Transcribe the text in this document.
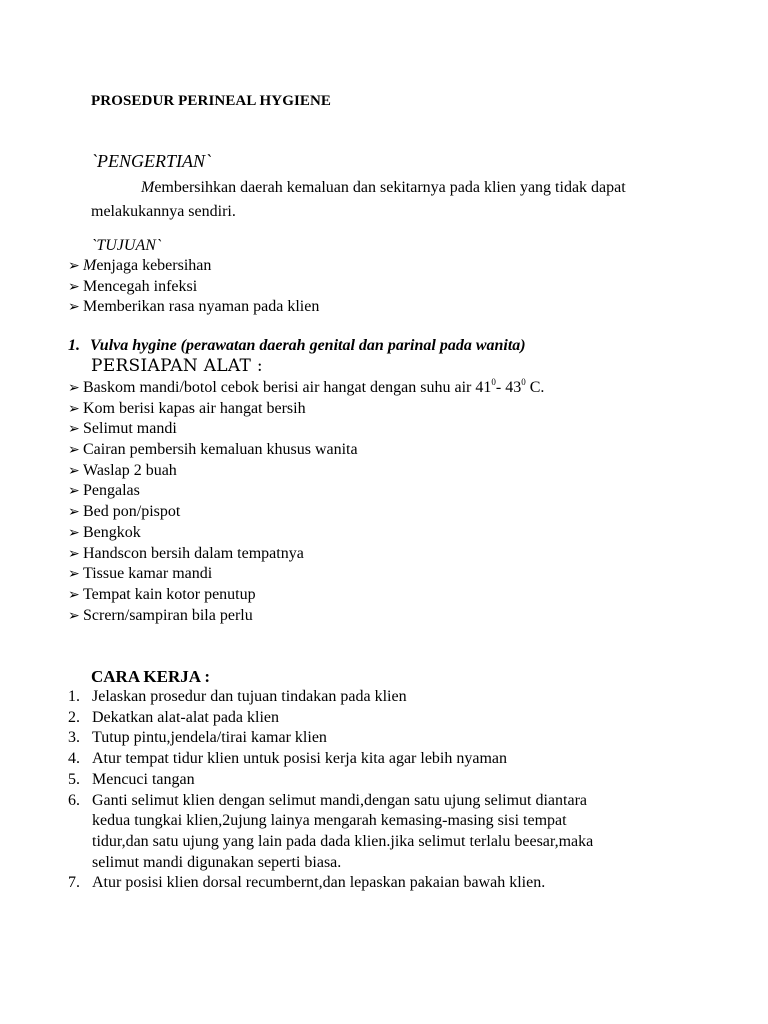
PROSEDUR PERINEAL HYGIENE
`PENGERTIAN`
Membersihkan daerah kemaluan dan sekitarnya pada klien yang tidak dapat
melakukannya sendiri.
`TUJUAN`
➢ Menjaga kebersihan
➢ Mencegah infeksi
➢ Memberikan rasa nyaman pada klien
1. Vulva hygine (perawatan daerah genital dan parinal pada wanita)
PERSIAPAN ALAT :
➢ Baskom mandi/botol cebok berisi air hangat dengan suhu air $41^0-$ $43^0$ C.
➢ Kom berisi kapas air hangat bersih
➢ Selimut mandi
➢ Cairan pembersih kemaluan khusus wanita
➢ Waslap 2 buah
➢ Pengalas
➢ Bed pon/pispot
➢ Bengkok
➢ Handscon bersih dalam tempatnya
➢ Tissue kamar mandi
➢ Tempat kain kotor penutup
➢ Scrern/sampiran bila perlu
CARA KERJA :
1. Jelaskan prosedur dan tujuan tindakan pada klien
2. Dekatkan alat-alat pada klien
3. Tutup pintu,jendela/tirai kamar klien
4. Atur tempat tidur klien untuk posisi kerja kita agar lebih nyaman
5. Mencuci tangan
6. Ganti selimut klien dengan selimut mandi,dengan satu ujung selimut diantara
kedua tungkai klien,2ujung lainya mengarah kemasing-masing sisi tempat
tidur,dan satu ujung yang lain pada dada klien.jika selimut terlalu beesar,maka
selimut mandi digunakan seperti biasa.
7. Atur posisi klien dorsal recumbernt,dan lepaskan pakaian bawah klien.
